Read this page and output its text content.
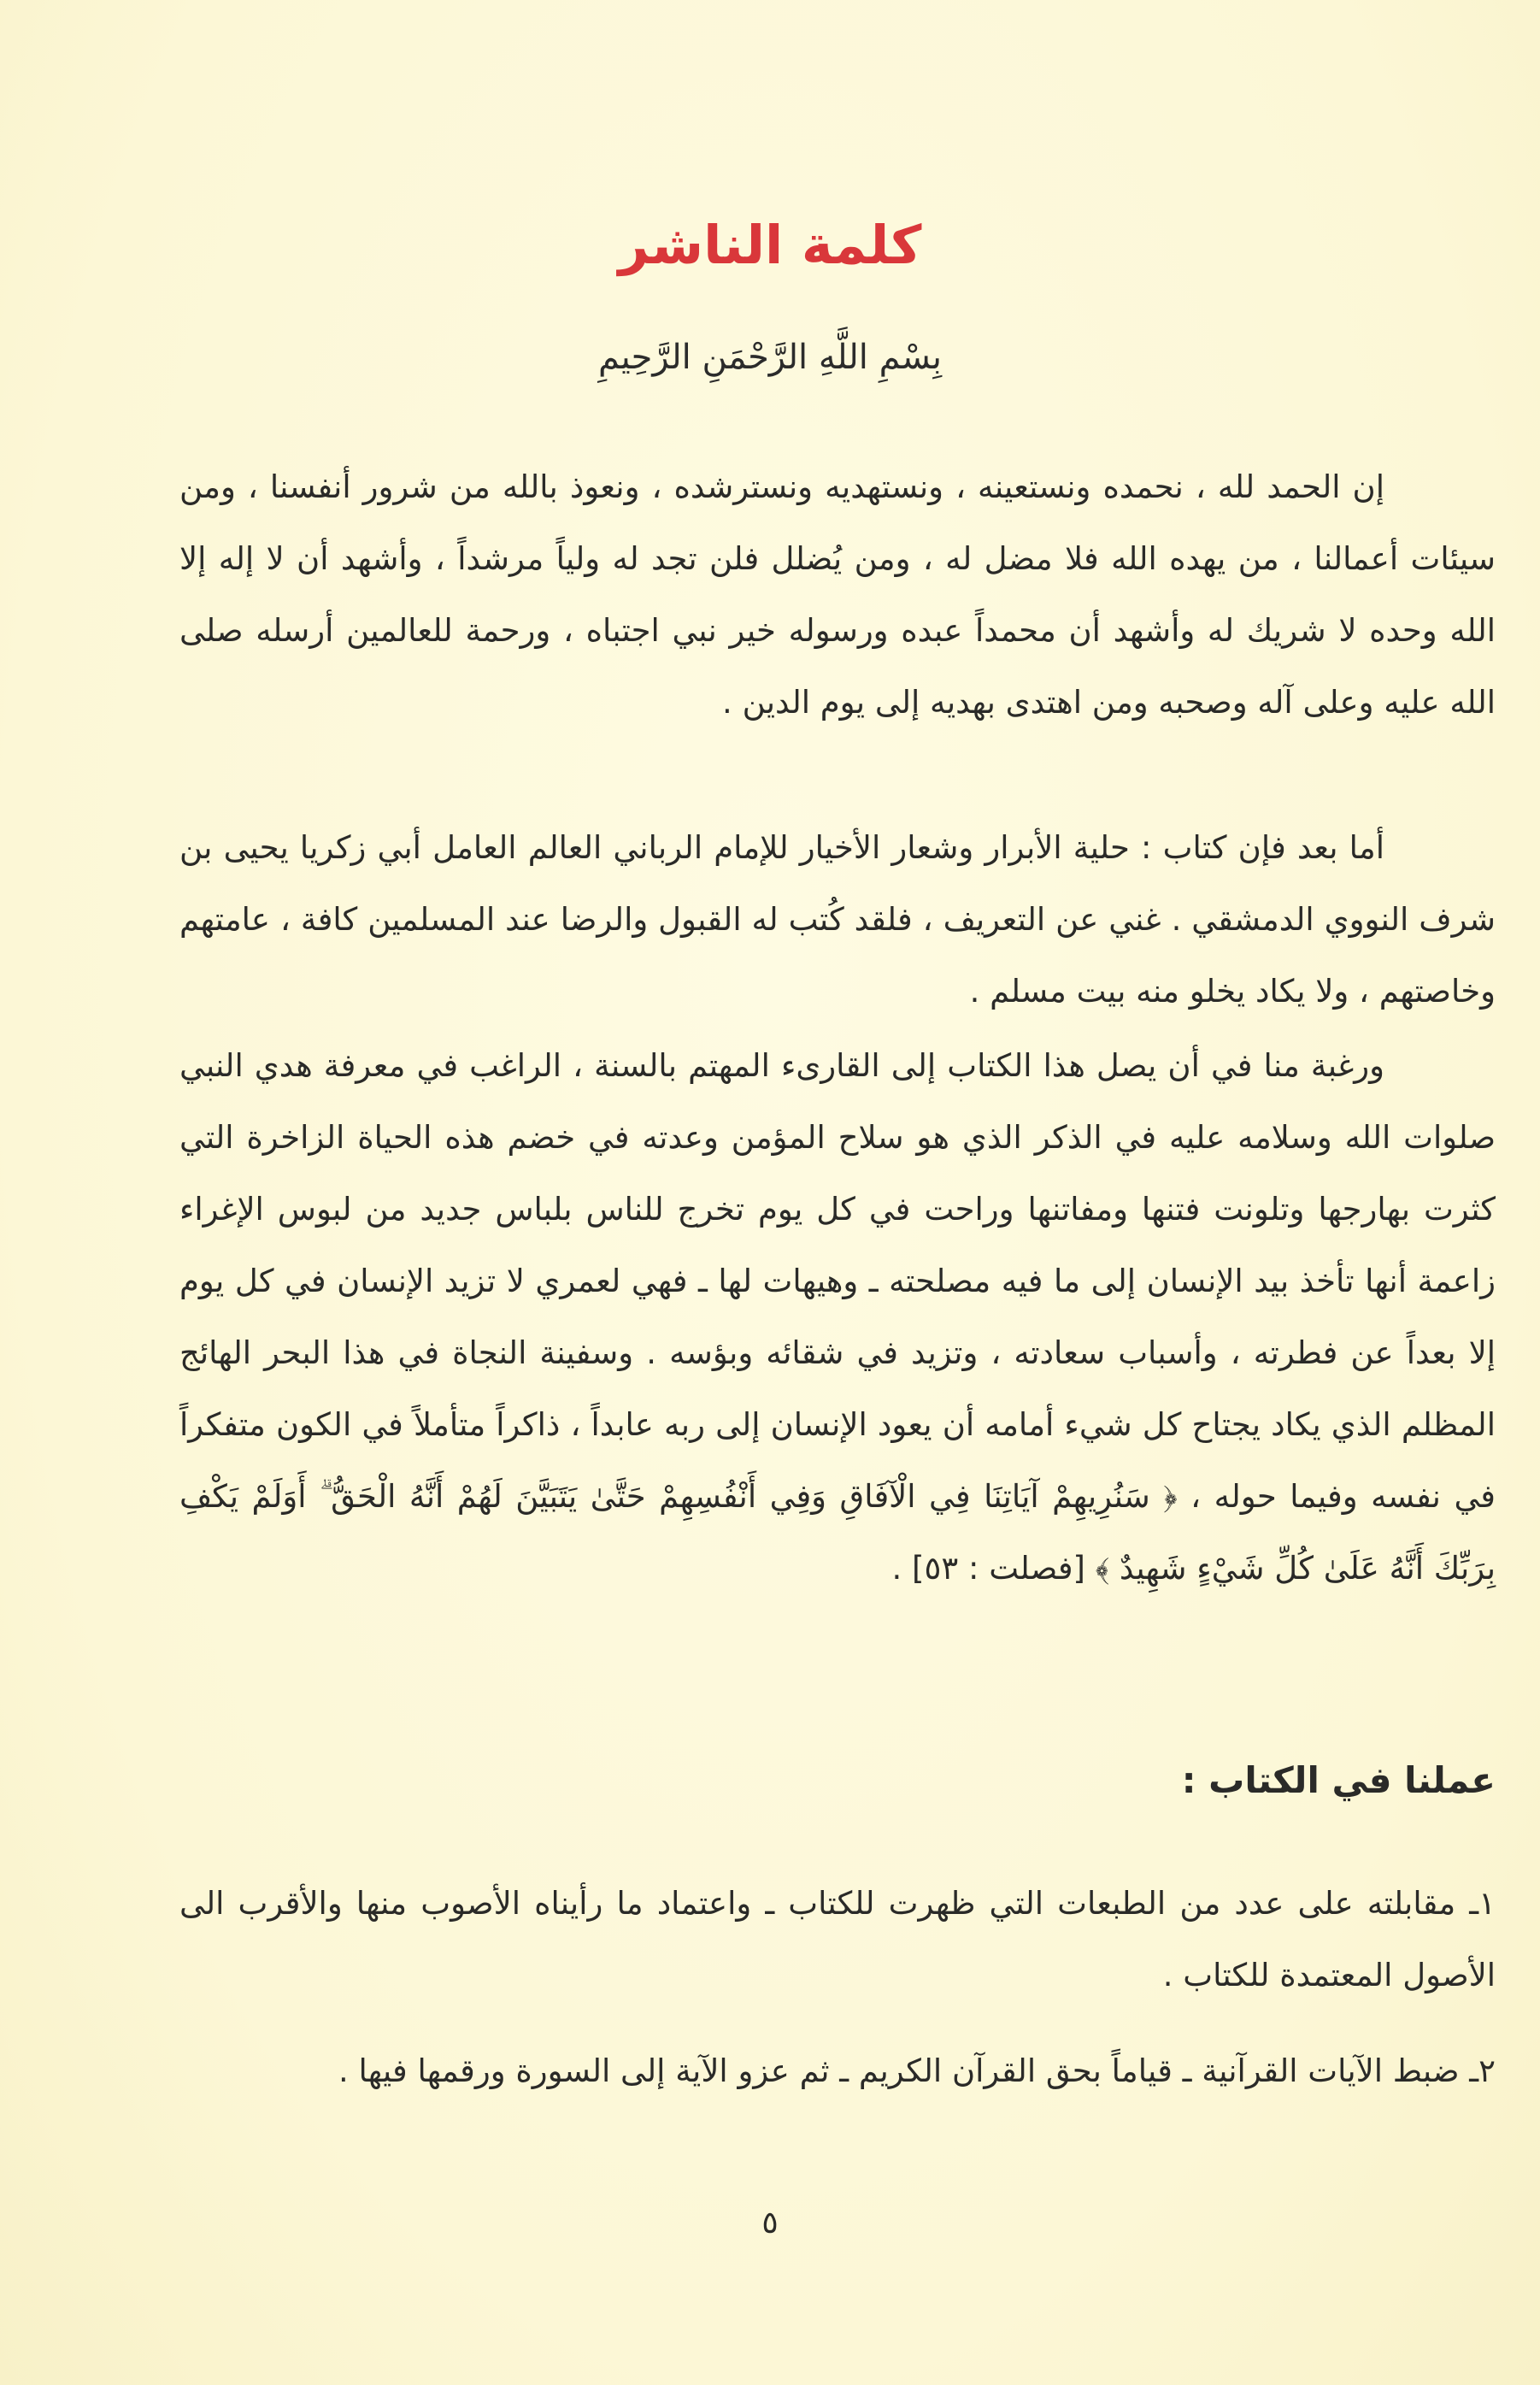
كلمة الناشر
بِسْمِ اللَّهِ الرَّحْمَنِ الرَّحِيمِ

إن الحمد لله ، نحمده ونستعينه ، ونستهديه ونسترشده ، ونعوذ بالله من شرور أنفسنا ، ومن سيئات أعمالنا ، من يهده الله فلا مضل له ، ومن يُضلل فلن تجد له ولياً مرشداً ، وأشهد أن لا إله إلا الله وحده لا شريك له وأشهد أن محمداً عبده ورسوله خير نبي اجتباه ، ورحمة للعالمين أرسله صلى الله عليه وعلى آله وصحبه ومن اهتدى بهديه إلى يوم الدين .

أما بعد فإن كتاب : حلية الأبرار وشعار الأخيار للإمام الرباني العالم العامل أبي زكريا يحيى بن شرف النووي الدمشقي . غني عن التعريف ، فلقد كُتب له القبول والرضا عند المسلمين كافة ، عامتهم وخاصتهم ، ولا يكاد يخلو منه بيت مسلم .

ورغبة منا في أن يصل هذا الكتاب إلى القارىء المهتم بالسنة ، الراغب في معرفة هدي النبي صلوات الله وسلامه عليه في الذكر الذي هو سلاح المؤمن وعدته في خضم هذه الحياة الزاخرة التي كثرت بهارجها وتلونت فتنها ومفاتنها وراحت في كل يوم تخرج للناس بلباس جديد من لبوس الإغراء زاعمة أنها تأخذ بيد الإنسان إلى ما فيه مصلحته ـ وهيهات لها ـ فهي لعمري لا تزيد الإنسان في كل يوم إلا بعداً عن فطرته ، وأسباب سعادته ، وتزيد في شقائه وبؤسه . وسفينة النجاة في هذا البحر الهائج المظلم الذي يكاد يجتاح كل شيء أمامه أن يعود الإنسان إلى ربه عابداً ، ذاكراً متأملاً في الكون متفكراً في نفسه وفيما حوله ، ﴿ سَنُرِيهِمْ آيَاتِنَا فِي الْآفَاقِ وَفِي أَنْفُسِهِمْ حَتَّىٰ يَتَبَيَّنَ لَهُمْ أَنَّهُ الْحَقُّ ۗ أَوَلَمْ يَكْفِ بِرَبِّكَ أَنَّهُ عَلَىٰ كُلِّ شَيْءٍ شَهِيدٌ ﴾ [فصلت : ٥٣] .

عملنا في الكتاب :

١ـ مقابلته على عدد من الطبعات التي ظهرت للكتاب ـ واعتماد ما رأيناه الأصوب منها والأقرب الى الأصول المعتمدة للكتاب .

٢ـ ضبط الآيات القرآنية ـ قياماً بحق القرآن الكريم ـ ثم عزو الآية إلى السورة ورقمها فيها .

٥
